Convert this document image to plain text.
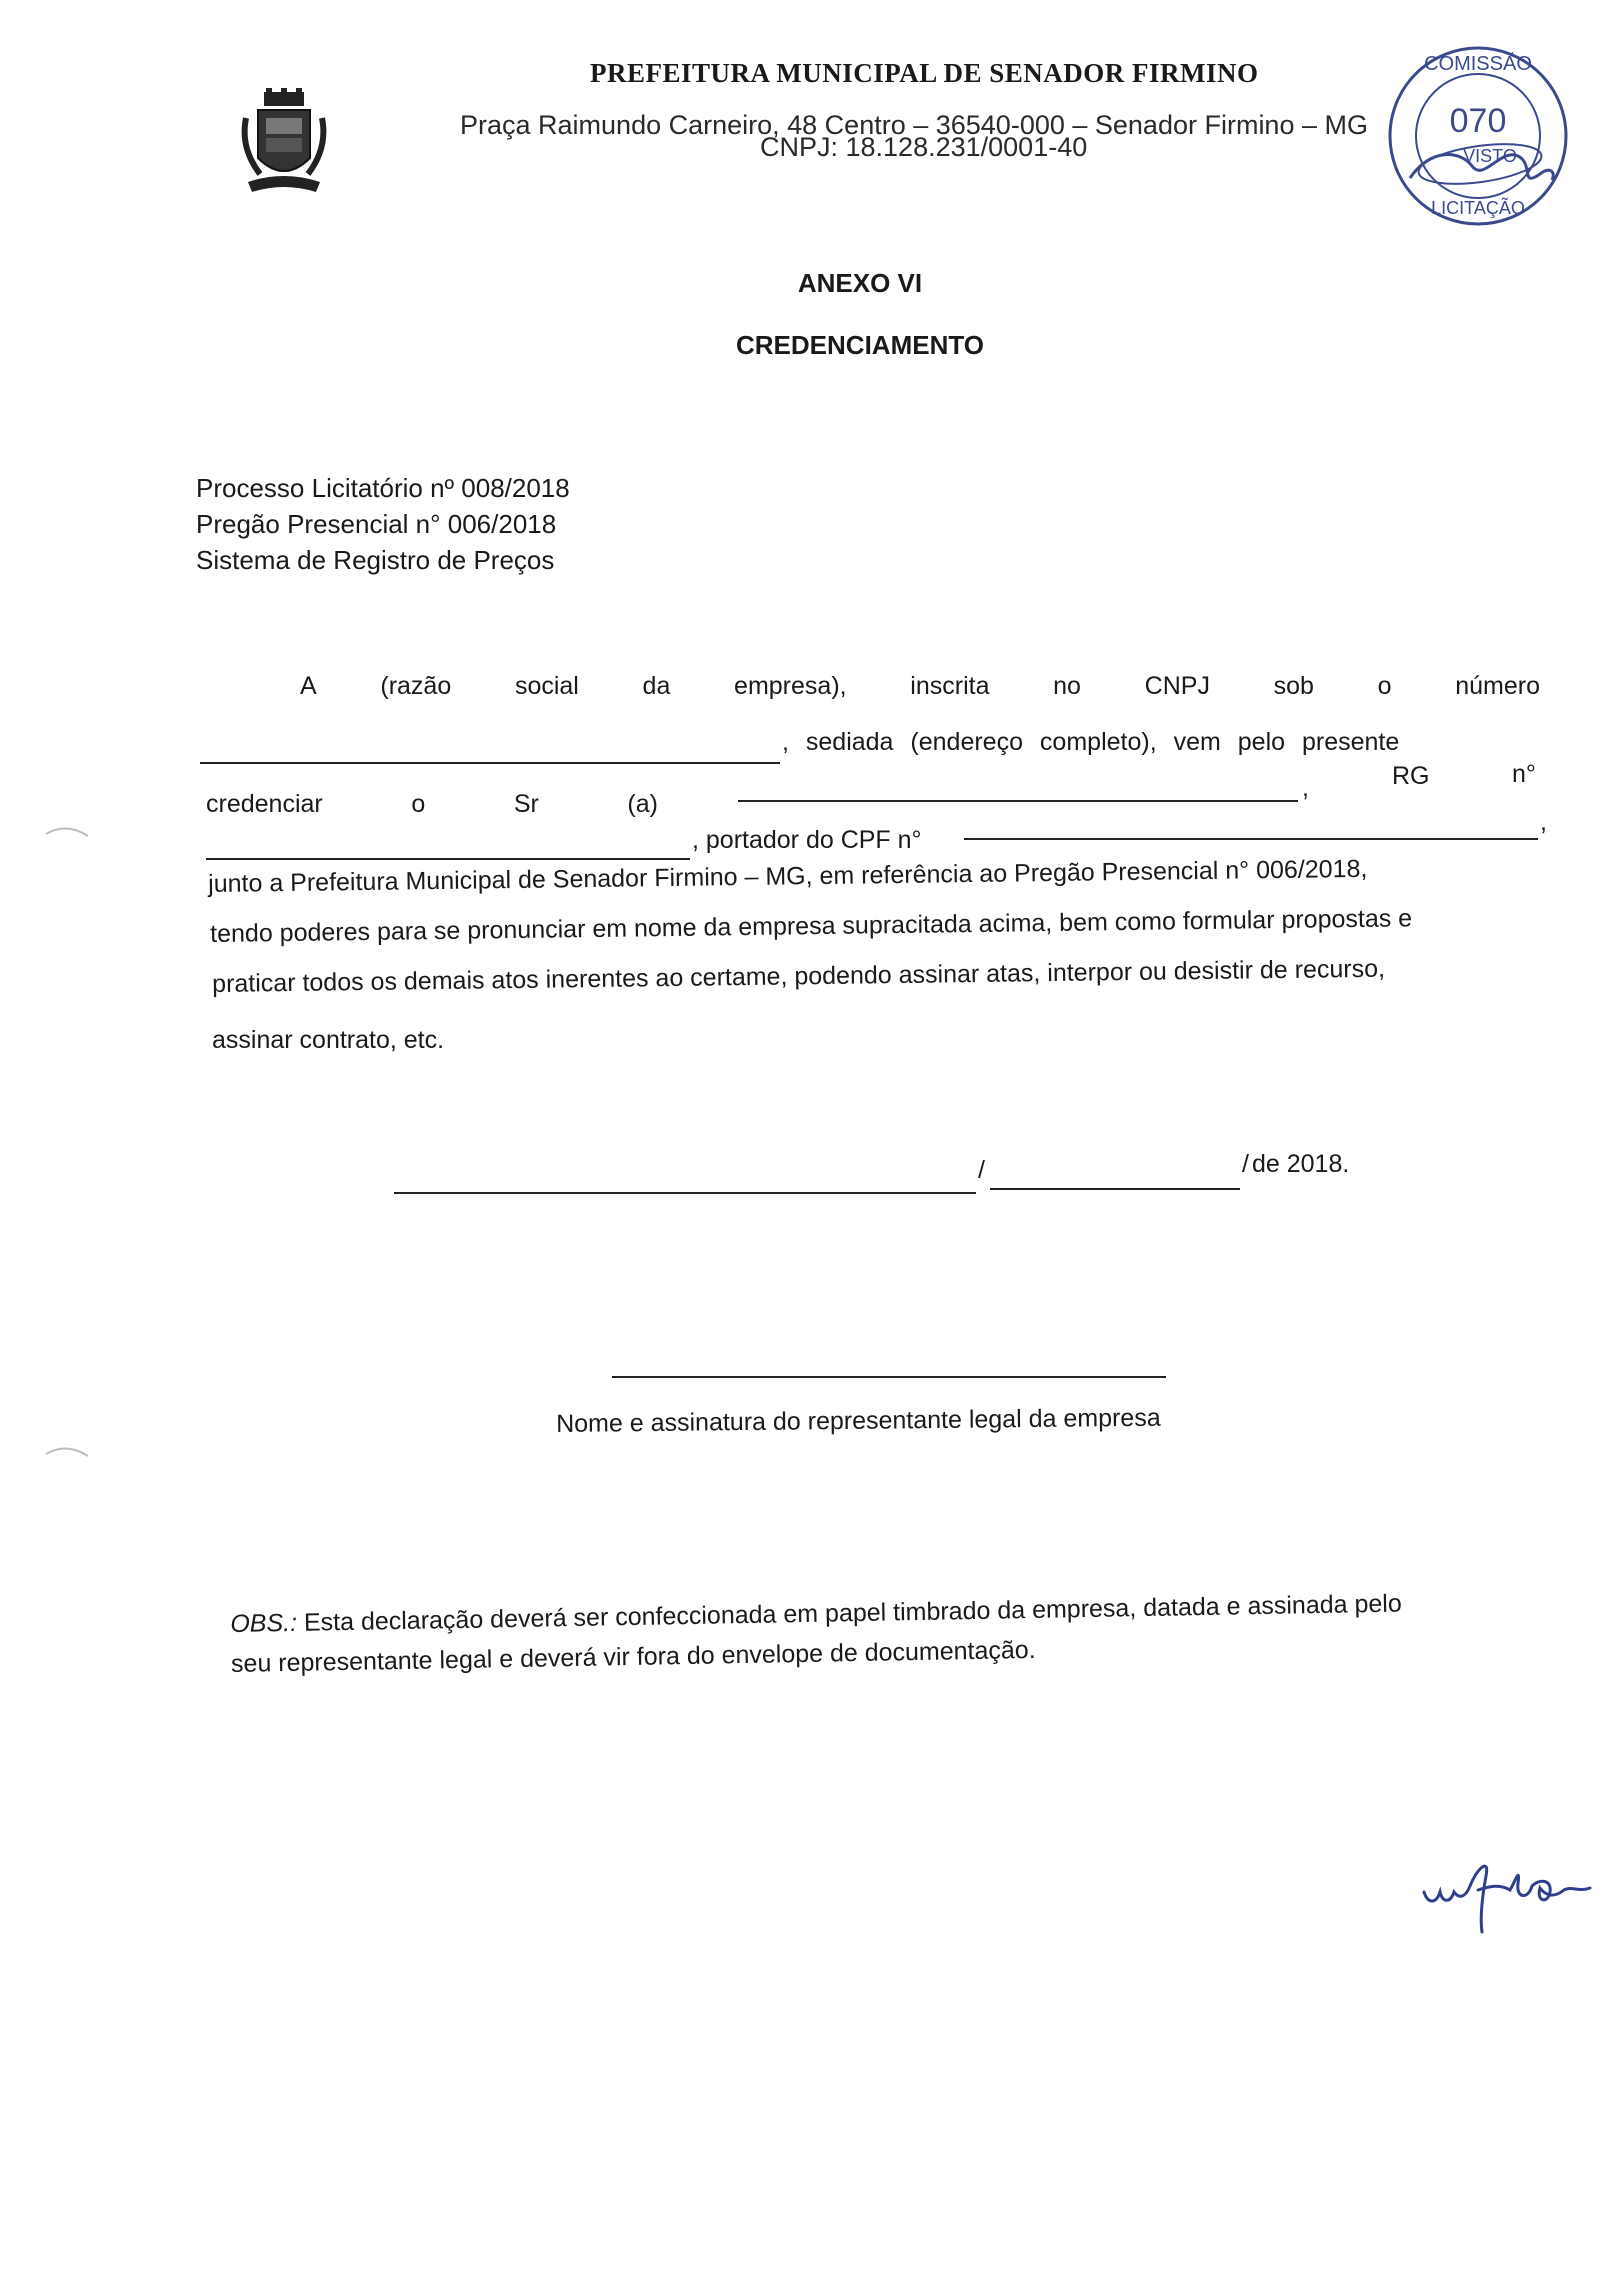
PREFEITURA MUNICIPAL DE SENADOR FIRMINO
Praça Raimundo Carneiro, 48 Centro – 36540-000 – Senador Firmino – MG
CNPJ: 18.128.231/0001-40
COMISSÃO
070
VISTO
LICITAÇÃO
ANEXO VI
CREDENCIAMENTO
Processo Licitatório nº 008/2018
Pregão Presencial n° 006/2018
Sistema de Registro de Preços
A	(razão	social	da	empresa),	inscrita	no	CNPJ	sob	o	número
, sediada (endereço completo), vem pelo presente
credenciar	o	Sr	(a)
,	RG	n°
, portador do CPF n°
,
junto a Prefeitura Municipal de Senador Firmino – MG, em referência ao Pregão Presencial n° 006/2018,
tendo poderes para se pronunciar em nome da empresa supracitada acima, bem como formular propostas e
praticar todos os demais atos inerentes ao certame, podendo assinar atas, interpor ou desistir de recurso,
assinar contrato, etc.
/	/ de 2018.
Nome e assinatura do representante legal da empresa
OBS.: Esta declaração deverá ser confeccionada em papel timbrado da empresa, datada e assinada pelo
seu representante legal e deverá vir fora do envelope de documentação.
